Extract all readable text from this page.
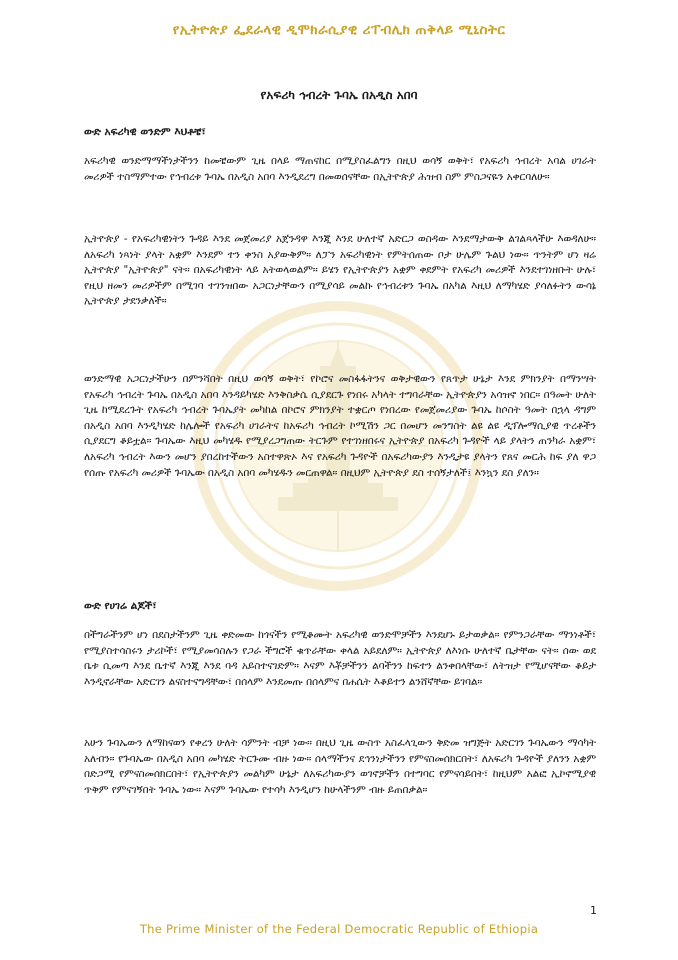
የኢትዮጵያ ፌደራላዊ ዲሞክራሲያዊ ሪፐብሊክ ጠቅላይ ሚኒስትር
የአፍሪካ ኅብረት ጉባኤ በአዲስ አበባ
ውድ አፍሪካዊ ወንድም እህቶቼ፣

አፍሪካዊ ወንድማማችነታችንን ከመቼውም ጊዜ በላይ ማጠናከር በሚያስፈልግን በዚህ ወሳኝ ወቅት፣ የአፍሪካ ኅብረት አባል ሀገራት መሪዎች ተስማምተው የኅብረቱ ጉባኤ በአዲስ አበባ እንዲደረግ በመወሰናቸው በኢትዮጵያ ሕዝብ ስም ምስጋናዬን አቀርባለሁ።

ኢትዮጵያ - የአፍሪካዊነትን ጉዳይ እንደ መጀመሪያ አጀንዳዋ እንጂ እንደ ሁለተኛ አድርጋ ወስዳው እንደማታውቅ ልገልጻላችሁ እወዳለሁ። ለአፍሪካ ነጻነት ያላት አቋም እንደም ተን ቀንስ አያውቅም። ለፓን አፍሪካዊነት የምትሰጠው ቦታ ሁሌም ጉልህ ነው። ጥንትም ሆነ ዛሬ ኢትዮጵያ "ኢትዮጵያ" ናት። በአፍሪካዊነት ላይ አትወላወልም። ይሄን የኢትዮጵያን አቋም ቀደምት የአፍሪካ መሪዎች እንደተገነዘቡት ሁሉ፣ የዚህ ዘመን መሪዎችም በሚገባ ተገንዝበው አጋርነታቸውን በሚያሳይ መልኩ የኅብረቱን ጉባኤ በአካል እዚህ ለማካሄድ ያሳለፉትን ውሳኔ ኢትዮጵያ ታደንቃለች።

ወንድማዊ አጋርነታችሁን በምንሻበት በዚህ ወሳኝ ወቅት፣ የኮሮና መስፋፋትንና ወቅታዊውን የጸጥታ ሁኔታ እንደ ምክንያት በማንሣት የአፍሪካ ኅብረት ጉባኤ በአዲስ አበባ እንዳይካሄድ እንቅስቃሴ ሲያደርጉ የነበሩ አካላት ተግባራቸው ኢትዮጵያን አሳዝኖ ነበር። በዓመት ሁለት ጊዜ ከሚደረጉት የአፍሪካ ኅብረት ጉባኤያት መካከል በኮሮና ምክንያት ተቋርጦ የነበረው የመጀመሪያው ጉባኤ ከሶስት ዓመት በኋላ ዳግም በአዲስ አበባ እንዲካሄድ ከሌሎች የአፍሪካ ሀገራትና ከአፍሪካ ኅብረት ኮሚሽን ጋር በመሆን መንግስት ልዩ ልዩ ዲፕሎማሲያዊ ጥረቶችን ሲያደርግ ቆይቷል። ጉባኤው እዚህ መካሄዱ የሚያረጋግጠው ትርጉም የተገነዘበሩና ኢትዮጵያ በአፍሪካ ጉዳዮች ላይ ያላትን ጠንካራ አቋም፣ ለአፍሪካ ኅብረት እውን መሆን ያበረከተችውን አስተዋጽኦ እና የአፍሪካ ጉዳዮች በአፍሪካውያን እንዲታዩ ያላትን የጸና መርሕ ከፍ ያለ ዋጋ የሰጡ የአፍሪካ መሪዎች ጉባኤው በአዲስ አበባ መካሄዱን መርጠዋል። በዚህም ኢትዮጵያ ደስ ተሰኝታለች፤ እንኳን ደስ ያለን።

ውድ የሀገሬ ልጆች፣

በችግራችንም ሆነ በደስታችንም ጊዜ ቀድመው ከጎናችን የሚቆሙት አፍሪካዊ ወንድሞቻችን እንደሆኑ ይታወቃል። የምንጋራቸው ማንነቶች፣ የሚያስተሳስሩን ታሪኮች፣ የሚያመሳስሉን የጋራ ችግሮች ቁጥራቸው ቀላል አይደለም። ኢትዮጵያ ለእነሱ ሁለተኛ ቤታቸው ናት። ሰው ወደ ቤቱ ሲመጣ እንደ ቤተኛ እንጂ እንደ ባዳ አይስተናገድም። እናም እቾቻችንን ልባችንን ከፍተን ልንቀበላቸው፣ ለትዝታ የሚሆናቸው ቆይታ እንዲኖራቸው አድርገን ልናስተናግዳቸው፣ በሰላም እንደመጡ በሰላምና በሐሴት እቆይተን ልንሸኛቸው ይገባል።

አሁን ጉባኤውን ለማከናወን የቀረን ሁለት ሳምንት ብቻ ነው። በዚህ ጊዜ ውስጥ አስፈላጊውን ቅድመ ዝግጅት አድርገን ጉባኤውን ማሳካት አለብን። የጉባኤው በአዲስ አበባ መካሄድ ትርጉሙ ብዙ ነው። ሰላማችንና ደኅንነታችንን የምናስመሰክርበት፣ ለአፍሪካ ጉዳዮች ያለንን አቋም በድጋሚ የምናስመሰክርበት፣ የኢትዮጵያን መልካም ሁኔታ ለአፍሪካውያን ወገኖቻችን በተግባር የምናሳይበት፣ ከዚህም አልፎ ኢኮኖሚያዊ ጥቅም የምናገኝበት ጉባኤ ነው። እናም ጉባኤው የተሳካ እንዲሆን ከሁላችንም ብዙ ይጠበቃል።

1
The Prime Minister of the Federal Democratic Republic of Ethiopia
